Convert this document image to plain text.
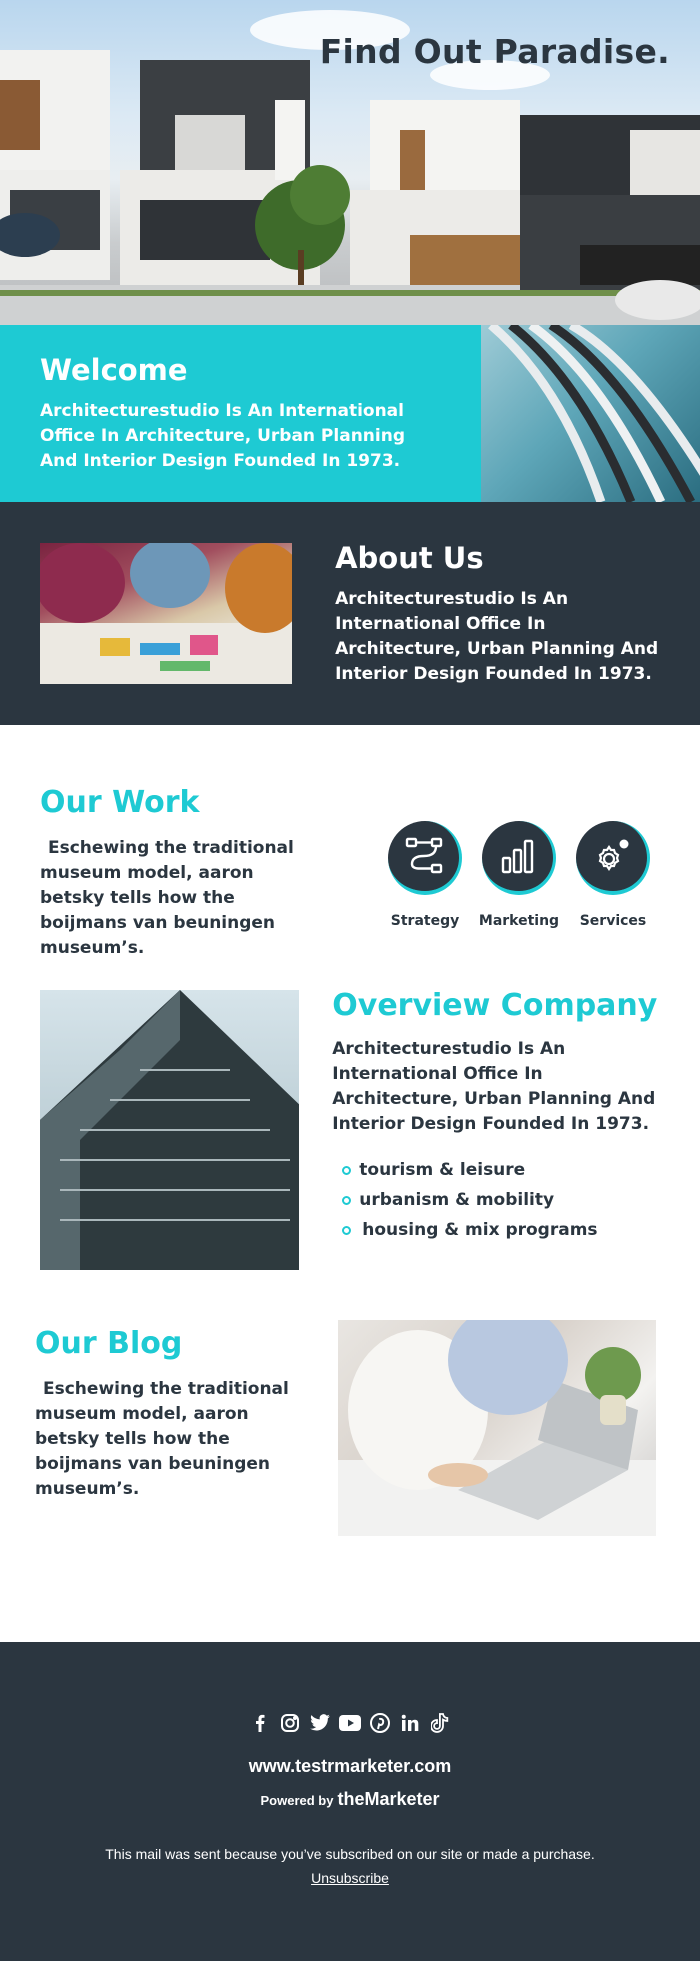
Find Out Paradise.
Welcome

Architecturestudio Is An International Office In Architecture, Urban Planning And Interior Design Founded In 1973.

About Us

Architecturestudio Is An International Office In Architecture, Urban Planning And Interior Design Founded In 1973.

Our Work

Eschewing the traditional museum model, aaron betsky tells how the boijmans van beuningen museum’s.

Strategy Marketing Services
Overview Company

Architecturestudio Is An International Office In Architecture, Urban Planning And Interior Design Founded In 1973.

tourism & leisure
urbanism & mobility
housing & mix programs
Our Blog

Eschewing the traditional museum model, aaron betsky tells how the boijmans van beuningen museum’s.

www.testrmarketer.com
Powered by theMarketer

This mail was sent because you’ve subscribed on our site or made a purchase.

Unsubscribe
